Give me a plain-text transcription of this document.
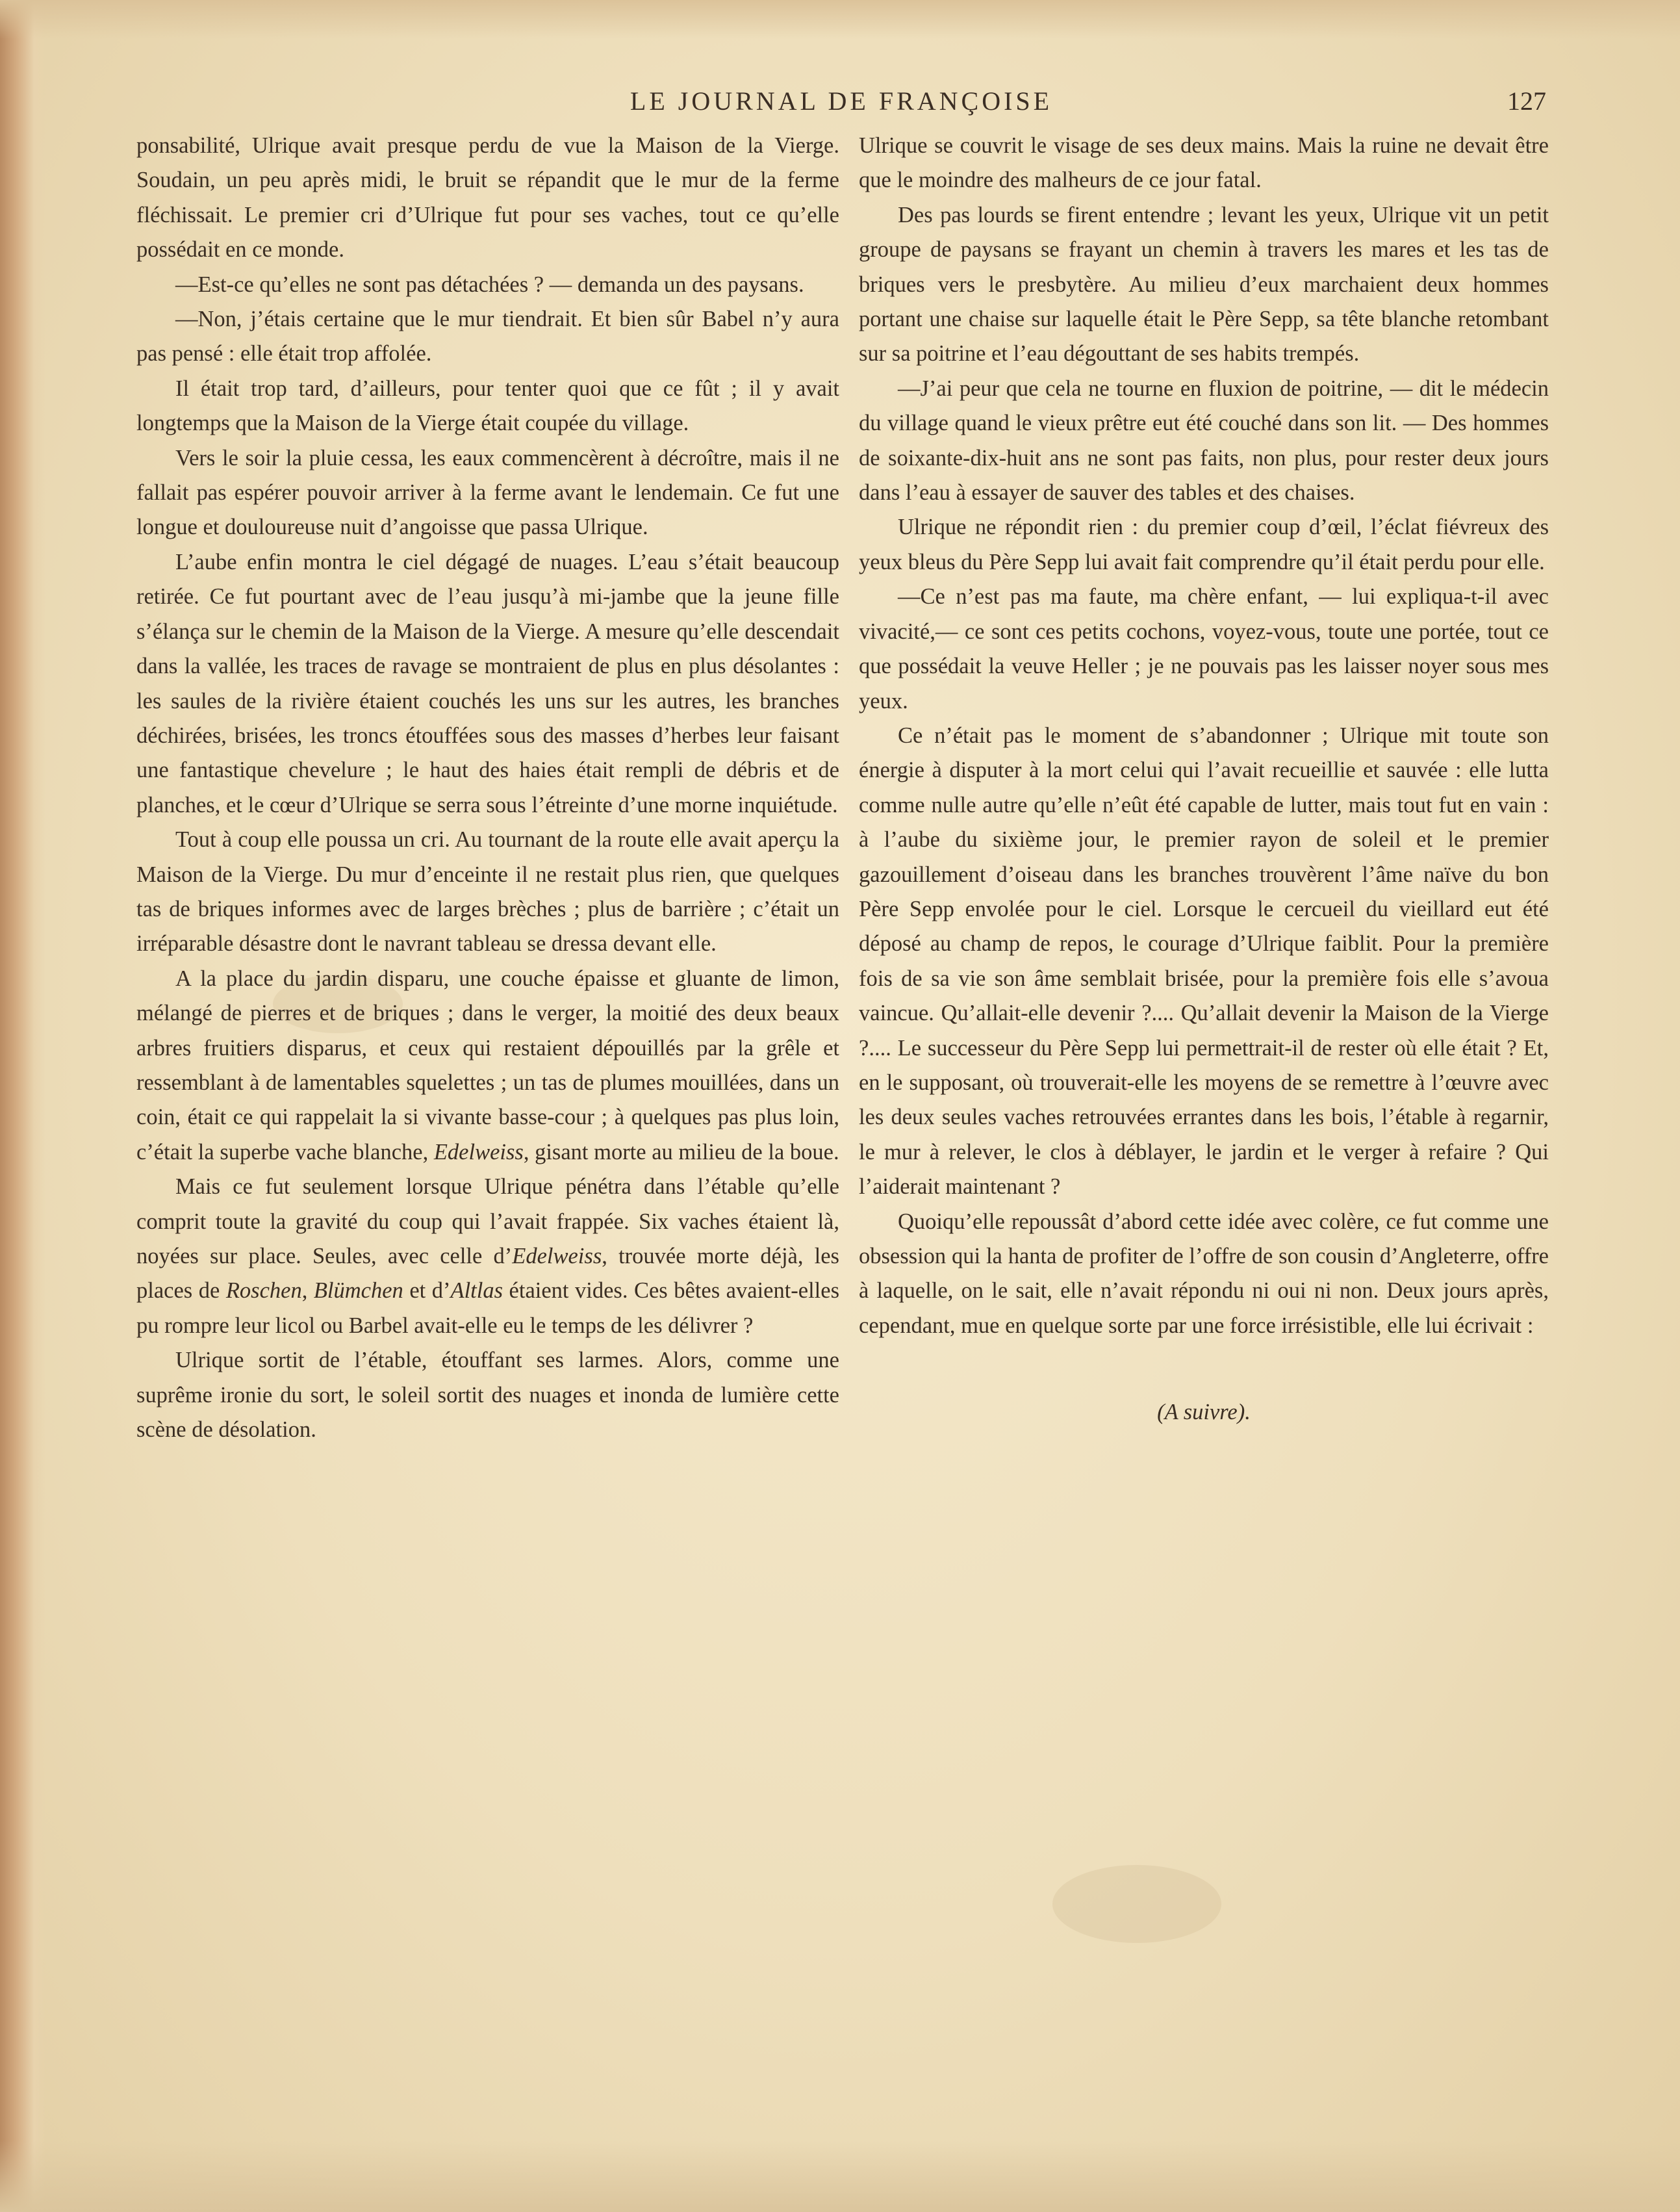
LE JOURNAL DE FRANÇOISE	127

ponsabilité, Ulrique avait presque perdu de vue la Maison de la Vierge. Soudain, un peu après midi, le bruit se répandit que le mur de la ferme fléchissait. Le premier cri d’Ulrique fut pour ses vaches, tout ce qu’elle possédait en ce monde.

—Est-ce qu’elles ne sont pas détachées ? — demanda un des paysans.

—Non, j’étais certaine que le mur tiendrait. Et bien sûr Babel n’y aura pas pensé : elle était trop affolée.

Il était trop tard, d’ailleurs, pour tenter quoi que ce fût ; il y avait longtemps que la Maison de la Vierge était coupée du village.

Vers le soir la pluie cessa, les eaux commencèrent à décroître, mais il ne fallait pas espérer pouvoir arriver à la ferme avant le lendemain. Ce fut une longue et douloureuse nuit d’angoisse que passa Ulrique.

L’aube enfin montra le ciel dégagé de nuages. L’eau s’était beaucoup retirée. Ce fut pourtant avec de l’eau jusqu’à mi-jambe que la jeune fille s’élança sur le chemin de la Maison de la Vierge. A mesure qu’elle descendait dans la vallée, les traces de ravage se montraient de plus en plus désolantes : les saules de la rivière étaient couchés les uns sur les autres, les branches déchirées, brisées, les troncs étouffées sous des masses d’herbes leur faisant une fantastique chevelure ; le haut des haies était rempli de débris et de planches, et le cœur d’Ulrique se serra sous l’étreinte d’une morne inquiétude.

Tout à coup elle poussa un cri. Au tournant de la route elle avait aperçu la Maison de la Vierge. Du mur d’enceinte il ne restait plus rien, que quelques tas de briques informes avec de larges brèches ; plus de barrière ; c’était un irréparable désastre dont le navrant tableau se dressa devant elle.

A la place du jardin disparu, une couche épaisse et gluante de limon, mélangé de pierres et de briques ; dans le verger, la moitié des deux beaux arbres fruitiers disparus, et ceux qui restaient dépouillés par la grêle et ressemblant à de lamentables squelettes ; un tas de plumes mouillées, dans un coin, était ce qui rappelait la si vivante basse-cour ; à quelques pas plus loin, c’était la superbe vache blanche, Edelweiss, gisant morte au milieu de la boue.

Mais ce fut seulement lorsque Ulrique pénétra dans l’étable qu’elle comprit toute la gravité du coup qui l’avait frappée. Six vaches étaient là, noyées sur place. Seules, avec celle d’Edelweiss, trouvée morte déjà, les places de Roschen, Blümchen et d’Altlas étaient vides. Ces bêtes avaient-elles pu rompre leur licol ou Barbel avait-elle eu le temps de les délivrer ?

Ulrique sortit de l’étable, étouffant ses larmes. Alors, comme une suprême ironie du sort, le soleil sortit des nuages et inonda de lumière cette scène de désolation.

Ulrique se couvrit le visage de ses deux mains. Mais la ruine ne devait être que le moindre des malheurs de ce jour fatal.

Des pas lourds se firent entendre ; levant les yeux, Ulrique vit un petit groupe de paysans se frayant un chemin à travers les mares et les tas de briques vers le presbytère. Au milieu d’eux marchaient deux hommes portant une chaise sur laquelle était le Père Sepp, sa tête blanche retombant sur sa poitrine et l’eau dégouttant de ses habits trempés.

—J’ai peur que cela ne tourne en fluxion de poitrine, — dit le médecin du village quand le vieux prêtre eut été couché dans son lit. — Des hommes de soixante-dix-huit ans ne sont pas faits, non plus, pour rester deux jours dans l’eau à essayer de sauver des tables et des chaises.

Ulrique ne répondit rien : du premier coup d’œil, l’éclat fiévreux des yeux bleus du Père Sepp lui avait fait comprendre qu’il était perdu pour elle.

—Ce n’est pas ma faute, ma chère enfant, — lui expliqua-t-il avec vivacité,— ce sont ces petits cochons, voyez-vous, toute une portée, tout ce que possédait la veuve Heller ; je ne pouvais pas les laisser noyer sous mes yeux.

Ce n’était pas le moment de s’abandonner ; Ulrique mit toute son énergie à disputer à la mort celui qui l’avait recueillie et sauvée : elle lutta comme nulle autre qu’elle n’eût été capable de lutter, mais tout fut en vain : à l’aube du sixième jour, le premier rayon de soleil et le premier gazouillement d’oiseau dans les branches trouvèrent l’âme naïve du bon Père Sepp envolée pour le ciel. Lorsque le cercueil du vieillard eut été déposé au champ de repos, le courage d’Ulrique faiblit. Pour la première fois de sa vie son âme semblait brisée, pour la première fois elle s’avoua vaincue. Qu’allait-elle devenir ?.... Qu’allait devenir la Maison de la Vierge ?.... Le successeur du Père Sepp lui permettrait-il de rester où elle était ? Et, en le supposant, où trouverait-elle les moyens de se remettre à l’œuvre avec les deux seules vaches retrouvées errantes dans les bois, l’étable à regarnir, le mur à relever, le clos à déblayer, le jardin et le verger à refaire ? Qui l’aiderait maintenant ?

Quoiqu’elle repoussât d’abord cette idée avec colère, ce fut comme une obsession qui la hanta de profiter de l’offre de son cousin d’Angleterre, offre à laquelle, on le sait, elle n’avait répondu ni oui ni non. Deux jours après, cependant, mue en quelque sorte par une force irrésistible, elle lui écrivait :

(A suivre).
